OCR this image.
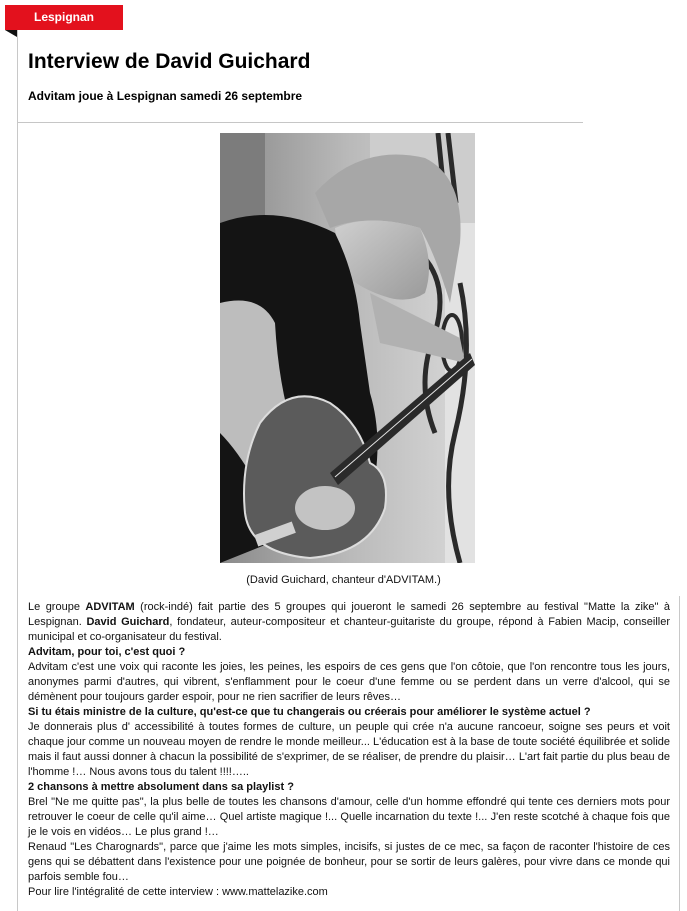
Lespignan
Interview de David Guichard

Advitam joue à Lespignan samedi 26 septembre

(David Guichard, chanteur d'ADVITAM.)

Le groupe ADVITAM (rock-indé) fait partie des 5 groupes qui joueront le samedi 26 septembre au festival "Matte la zike" à Lespignan. David Guichard, fondateur, auteur-compositeur et chanteur-guitariste du groupe, répond à Fabien Macip, conseiller municipal et co-organisateur du festival.

Advitam, pour toi, c'est quoi ?

Advitam c'est une voix qui raconte les joies, les peines, les espoirs de ces gens que l'on côtoie, que l'on rencontre tous les jours, anonymes parmi d'autres, qui vibrent, s'enflamment pour le coeur d'une femme ou se perdent dans un verre d'alcool, qui se démènent pour toujours garder espoir, pour ne rien sacrifier de leurs rêves…

Si tu étais ministre de la culture, qu'est-ce que tu changerais ou créerais pour améliorer le système actuel ?

Je donnerais plus d' accessibilité à toutes formes de culture, un peuple qui crée n'a aucune rancoeur, soigne ses peurs et voit chaque jour comme un nouveau moyen de rendre le monde meilleur... L'éducation est à la base de toute société équilibrée et solide mais il faut aussi donner à chacun la possibilité de s'exprimer, de se réaliser, de prendre du plaisir… L'art fait partie du plus beau de l'homme !… Nous avons tous du talent !!!!…..

2 chansons à mettre absolument dans sa playlist ?

Brel "Ne me quitte pas", la plus belle de toutes les chansons d'amour, celle d'un homme effondré qui tente ces derniers mots pour retrouver le coeur de celle qu'il aime… Quel artiste magique !... Quelle incarnation du texte !... J'en reste scotché à chaque fois que je le vois en vidéos… Le plus grand !…

Renaud "Les Charognards", parce que j'aime les mots simples, incisifs, si justes de ce mec, sa façon de raconter l'histoire de ces gens qui se débattent dans l'existence pour une poignée de bonheur, pour se sortir de leurs galères, pour vivre dans ce monde qui parfois semble fou…

Pour lire l'intégralité de cette interview : www.mattelazike.com
